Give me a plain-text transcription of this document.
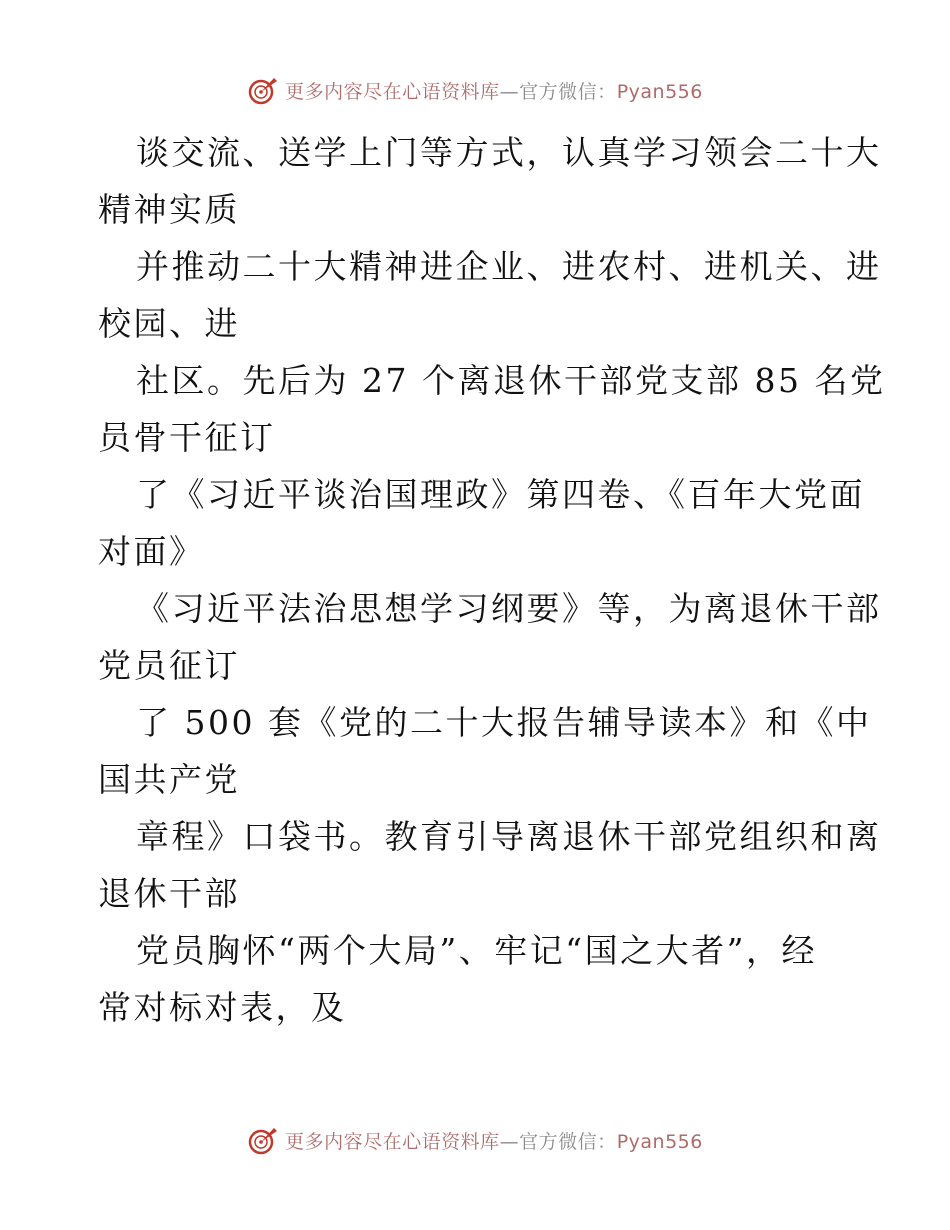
更多内容尽在心语资料库—官方微信：Pyan556

谈交流、送学上门等方式，认真学习领会二十大
精神实质

并推动二十大精神进企业、进农村、进机关、进
校园、进

社区。先后为 27 个离退休干部党支部 85 名党
员骨干征订

了《习近平谈治国理政》第四卷、《百年大党面
对面》

《习近平法治思想学习纲要》等，为离退休干部
党员征订

了 500 套《党的二十大报告辅导读本》和《中
国共产党

章程》口袋书。教育引导离退休干部党组织和离
退休干部

党员胸怀“两个大局”、牢记“国之大者”，经
常对标对表，及

更多内容尽在心语资料库—官方微信：Pyan556
